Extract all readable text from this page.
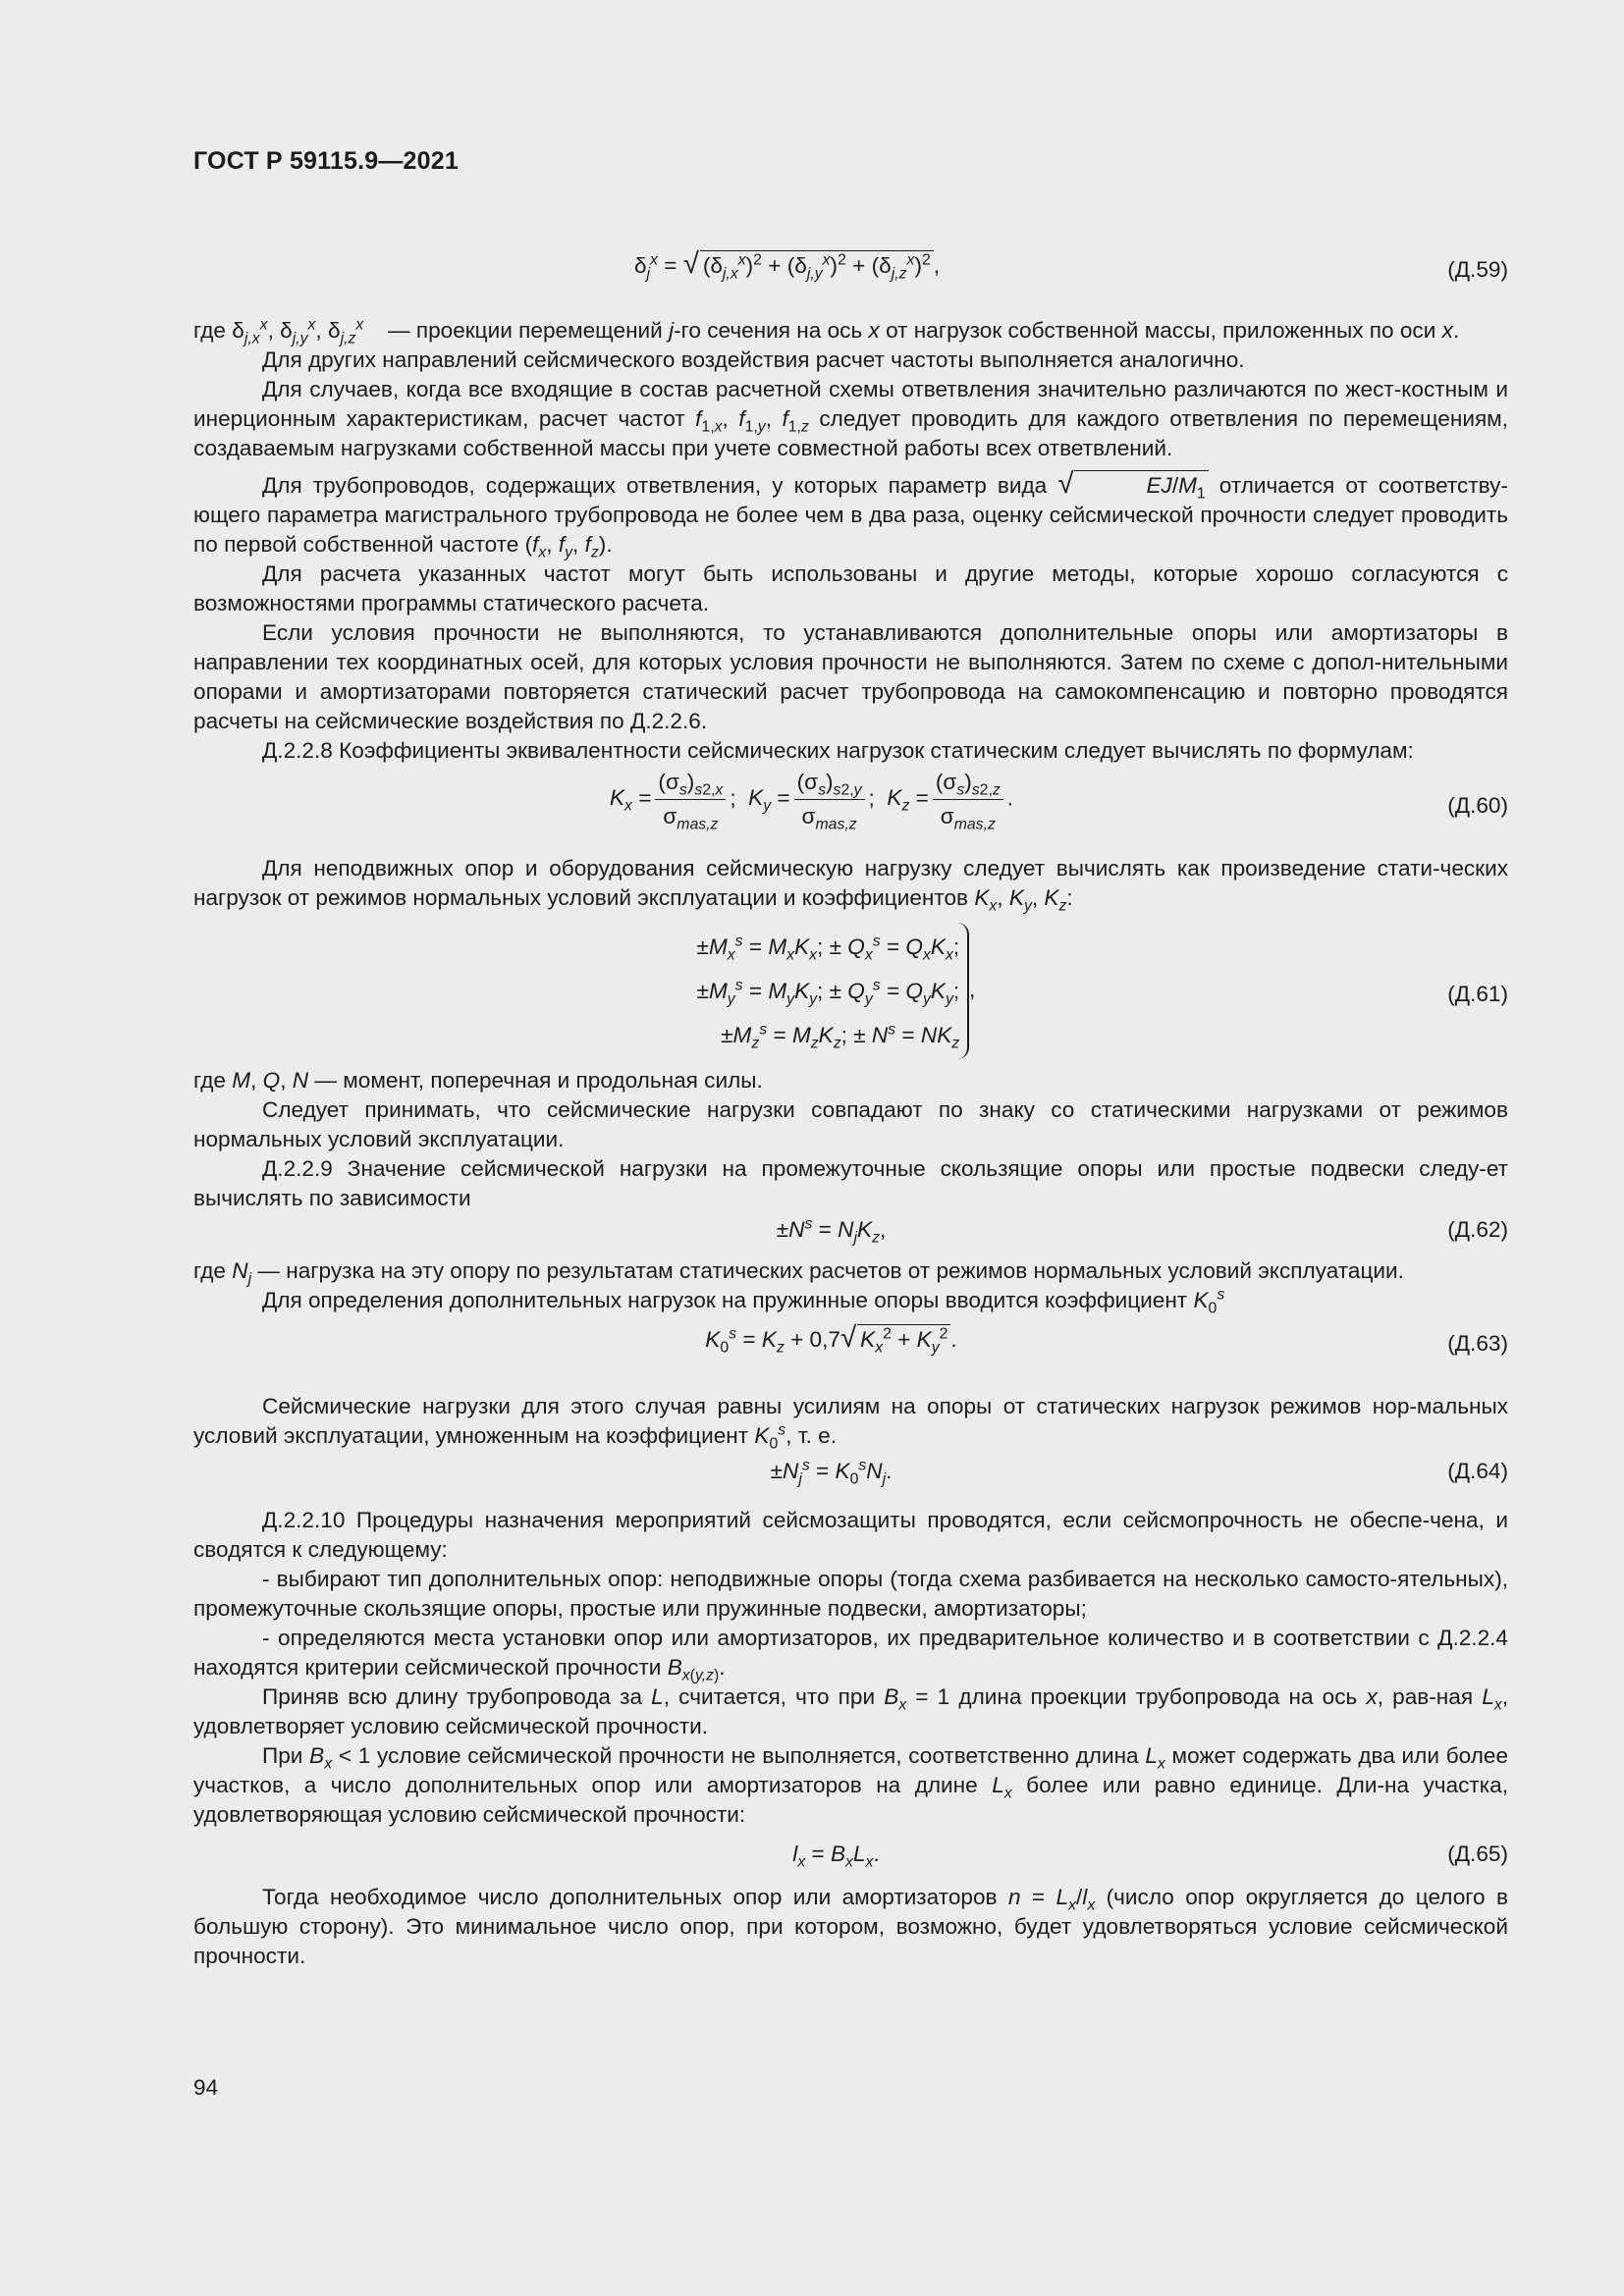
ГОСТ Р 59115.9—2021
$\delta_j^x$ = √ $(\delta_{j,x}^x)^2 + (\delta_{j,y}^x)^2 + (\delta_{j,z}^x)^2$ ,	(Д.59)
где $\delta_{j,x}^x$, $\delta_{j,y}^x$, $\delta_{j,z}^x$	— проекции перемещений j-го сечения на ось x от нагрузок собственной массы, приложенных по оси x.

Для других направлений сейсмического воздействия расчет частоты выполняется аналогично.

Для случаев, когда все входящие в состав расчетной схемы ответвления значительно различаются по жест-костным и инерционным характеристикам, расчет частот $f_{1,x}$, $f_{1,y}$, $f_{1,z}$ следует проводить для каждого ответвления по перемещениям, создаваемым нагрузками собственной массы при учете совместной работы всех ответвлений.

Для трубопроводов, содержащих ответвления, у которых параметр вида √	$EJ/M_1$ отличается от соответству-ющего параметра магистрального трубопровода не более чем в два раза, оценку сейсмической прочности следует проводить по первой собственной частоте ($f_x$, $f_y$, $f_z$).

Для расчета указанных частот могут быть использованы и другие методы, которые хорошо согласуются с возможностями программы статического расчета.

Если условия прочности не выполняются, то устанавливаются дополнительные опоры или амортизаторы в направлении тех координатных осей, для которых условия прочности не выполняются. Затем по схеме с допол-нительными опорами и амортизаторами повторяется статический расчет трубопровода на самокомпенсацию и повторно проводятся расчеты на сейсмические воздействия по Д.2.2.6.

Д.2.2.8 Коэффициенты эквивалентности сейсмических нагрузок статическим следует вычислять по формулам:

$K_x = \frac{(\sigma_s)_{s2,x}}{\sigma_{mas,z}}$ ;  $K_y = \frac{(\sigma_s)_{s2,y}}{\sigma_{mas,z}}$ ;  $K_z = \frac{(\sigma_s)_{s2,z}}{\sigma_{mas,z}}$ .	(Д.60)

Для неподвижных опор и оборудования сейсмическую нагрузку следует вычислять как произведение стати-ческих нагрузок от режимов нормальных условий эксплуатации и коэффициентов $K_x$, $K_y$, $K_z$:

$\pm M_x^s = M_xK_x$; ± $Q_x^s = Q_xK_x$;
$\pm M_y^s = M_yK_y$; ± $Q_y^s = Q_yK_y$;
$\pm M_z^s = M_zK_z$; ± $N^s = NK_z$,	(Д.61)

где M, Q, N — момент, поперечная и продольная силы.

Следует принимать, что сейсмические нагрузки совпадают по знаку со статическими нагрузками от режимов нормальных условий эксплуатации.

Д.2.2.9 Значение сейсмической нагрузки на промежуточные скользящие опоры или простые подвески следу-ет вычислять по зависимости

$\pm N^s = N_jK_z$,	(Д.62)

где $N_j$ — нагрузка на эту опору по результатам статических расчетов от режимов нормальных условий эксплуатации.

Для определения дополнительных нагрузок на пружинные опоры вводится коэффициент $K_0^s$

$K_0^s = K_z + 0,7√$ $K_x^2 + K_y^2$ .	(Д.63)

Сейсмические нагрузки для этого случая равны усилиям на опоры от статических нагрузок режимов нор-мальных условий эксплуатации, умноженным на коэффициент $K_0^s$, т. е.

$\pm N_j^s = K_0^sN_j$.	(Д.64)

Д.2.2.10 Процедуры назначения мероприятий сейсмозащиты проводятся, если сейсмопрочность не обеспе-чена, и сводятся к следующему:

- выбирают тип дополнительных опор: неподвижные опоры (тогда схема разбивается на несколько самосто-ятельных), промежуточные скользящие опоры, простые или пружинные подвески, амортизаторы;

- определяются места установки опор или амортизаторов, их предварительное количество и в соответствии с Д.2.2.4 находятся критерии сейсмической прочности $B_{x(y,z)}$.

Приняв всю длину трубопровода за L, считается, что при $B_x = 1$ длина проекции трубопровода на ось x, рав-ная $L_x$, удовлетворяет условию сейсмической прочности.

При $B_x < 1$ условие сейсмической прочности не выполняется, соответственно длина $L_x$ может содержать два или более участков, а число дополнительных опор или амортизаторов на длине $L_x$ более или равно единице. Дли-на участка, удовлетворяющая условию сейсмической прочности:

$l_x = B_xL_x$.	(Д.65)

Тогда необходимое число дополнительных опор или амортизаторов $n = L_x/l_x$ (число опор округляется до целого в большую сторону). Это минимальное число опор, при котором, возможно, будет удовлетворяться условие сейсмической прочности.

94
